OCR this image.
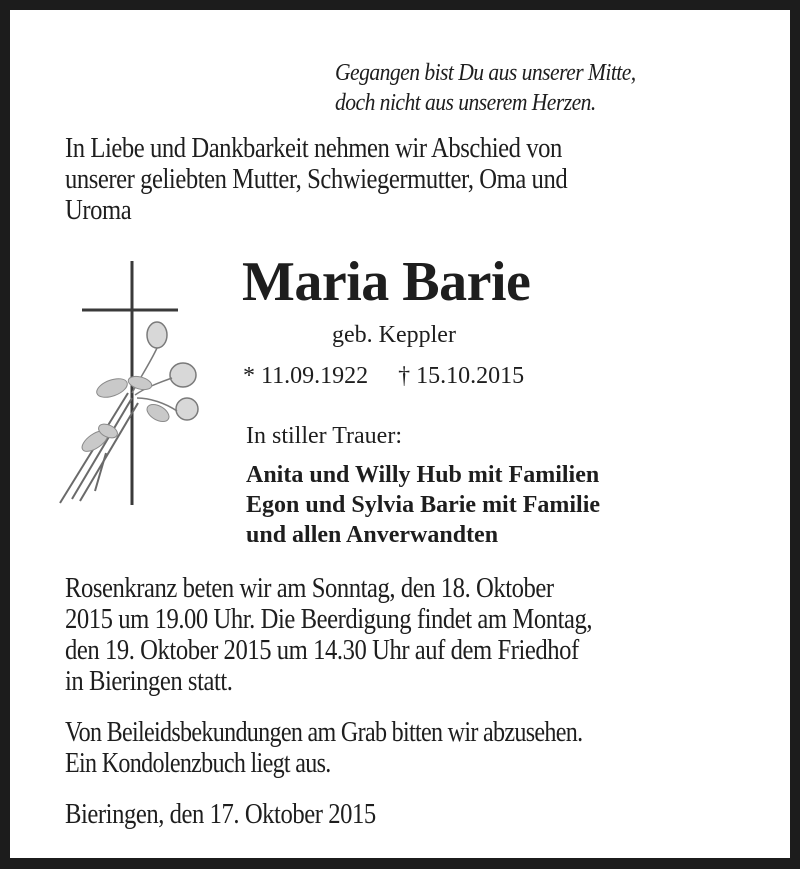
Gegangen bist Du aus unserer Mitte,
doch nicht aus unserem Herzen.
In Liebe und Dankbarkeit nehmen wir Abschied von
unserer geliebten Mutter, Schwiegermutter, Oma und
Uroma
Maria Barie
geb. Keppler
* 11.09.1922 † 15.10.2015
In stiller Trauer:
Anita und Willy Hub mit Familien
Egon und Sylvia Barie mit Familie
und allen Anverwandten
Rosenkranz beten wir am Sonntag, den 18. Oktober
2015 um 19.00 Uhr. Die Beerdigung findet am Montag,
den 19. Oktober 2015 um 14.30 Uhr auf dem Friedhof
in Bieringen statt.
Von Beileidsbekundungen am Grab bitten wir abzusehen.
Ein Kondolenzbuch liegt aus.
Bieringen, den 17. Oktober 2015
